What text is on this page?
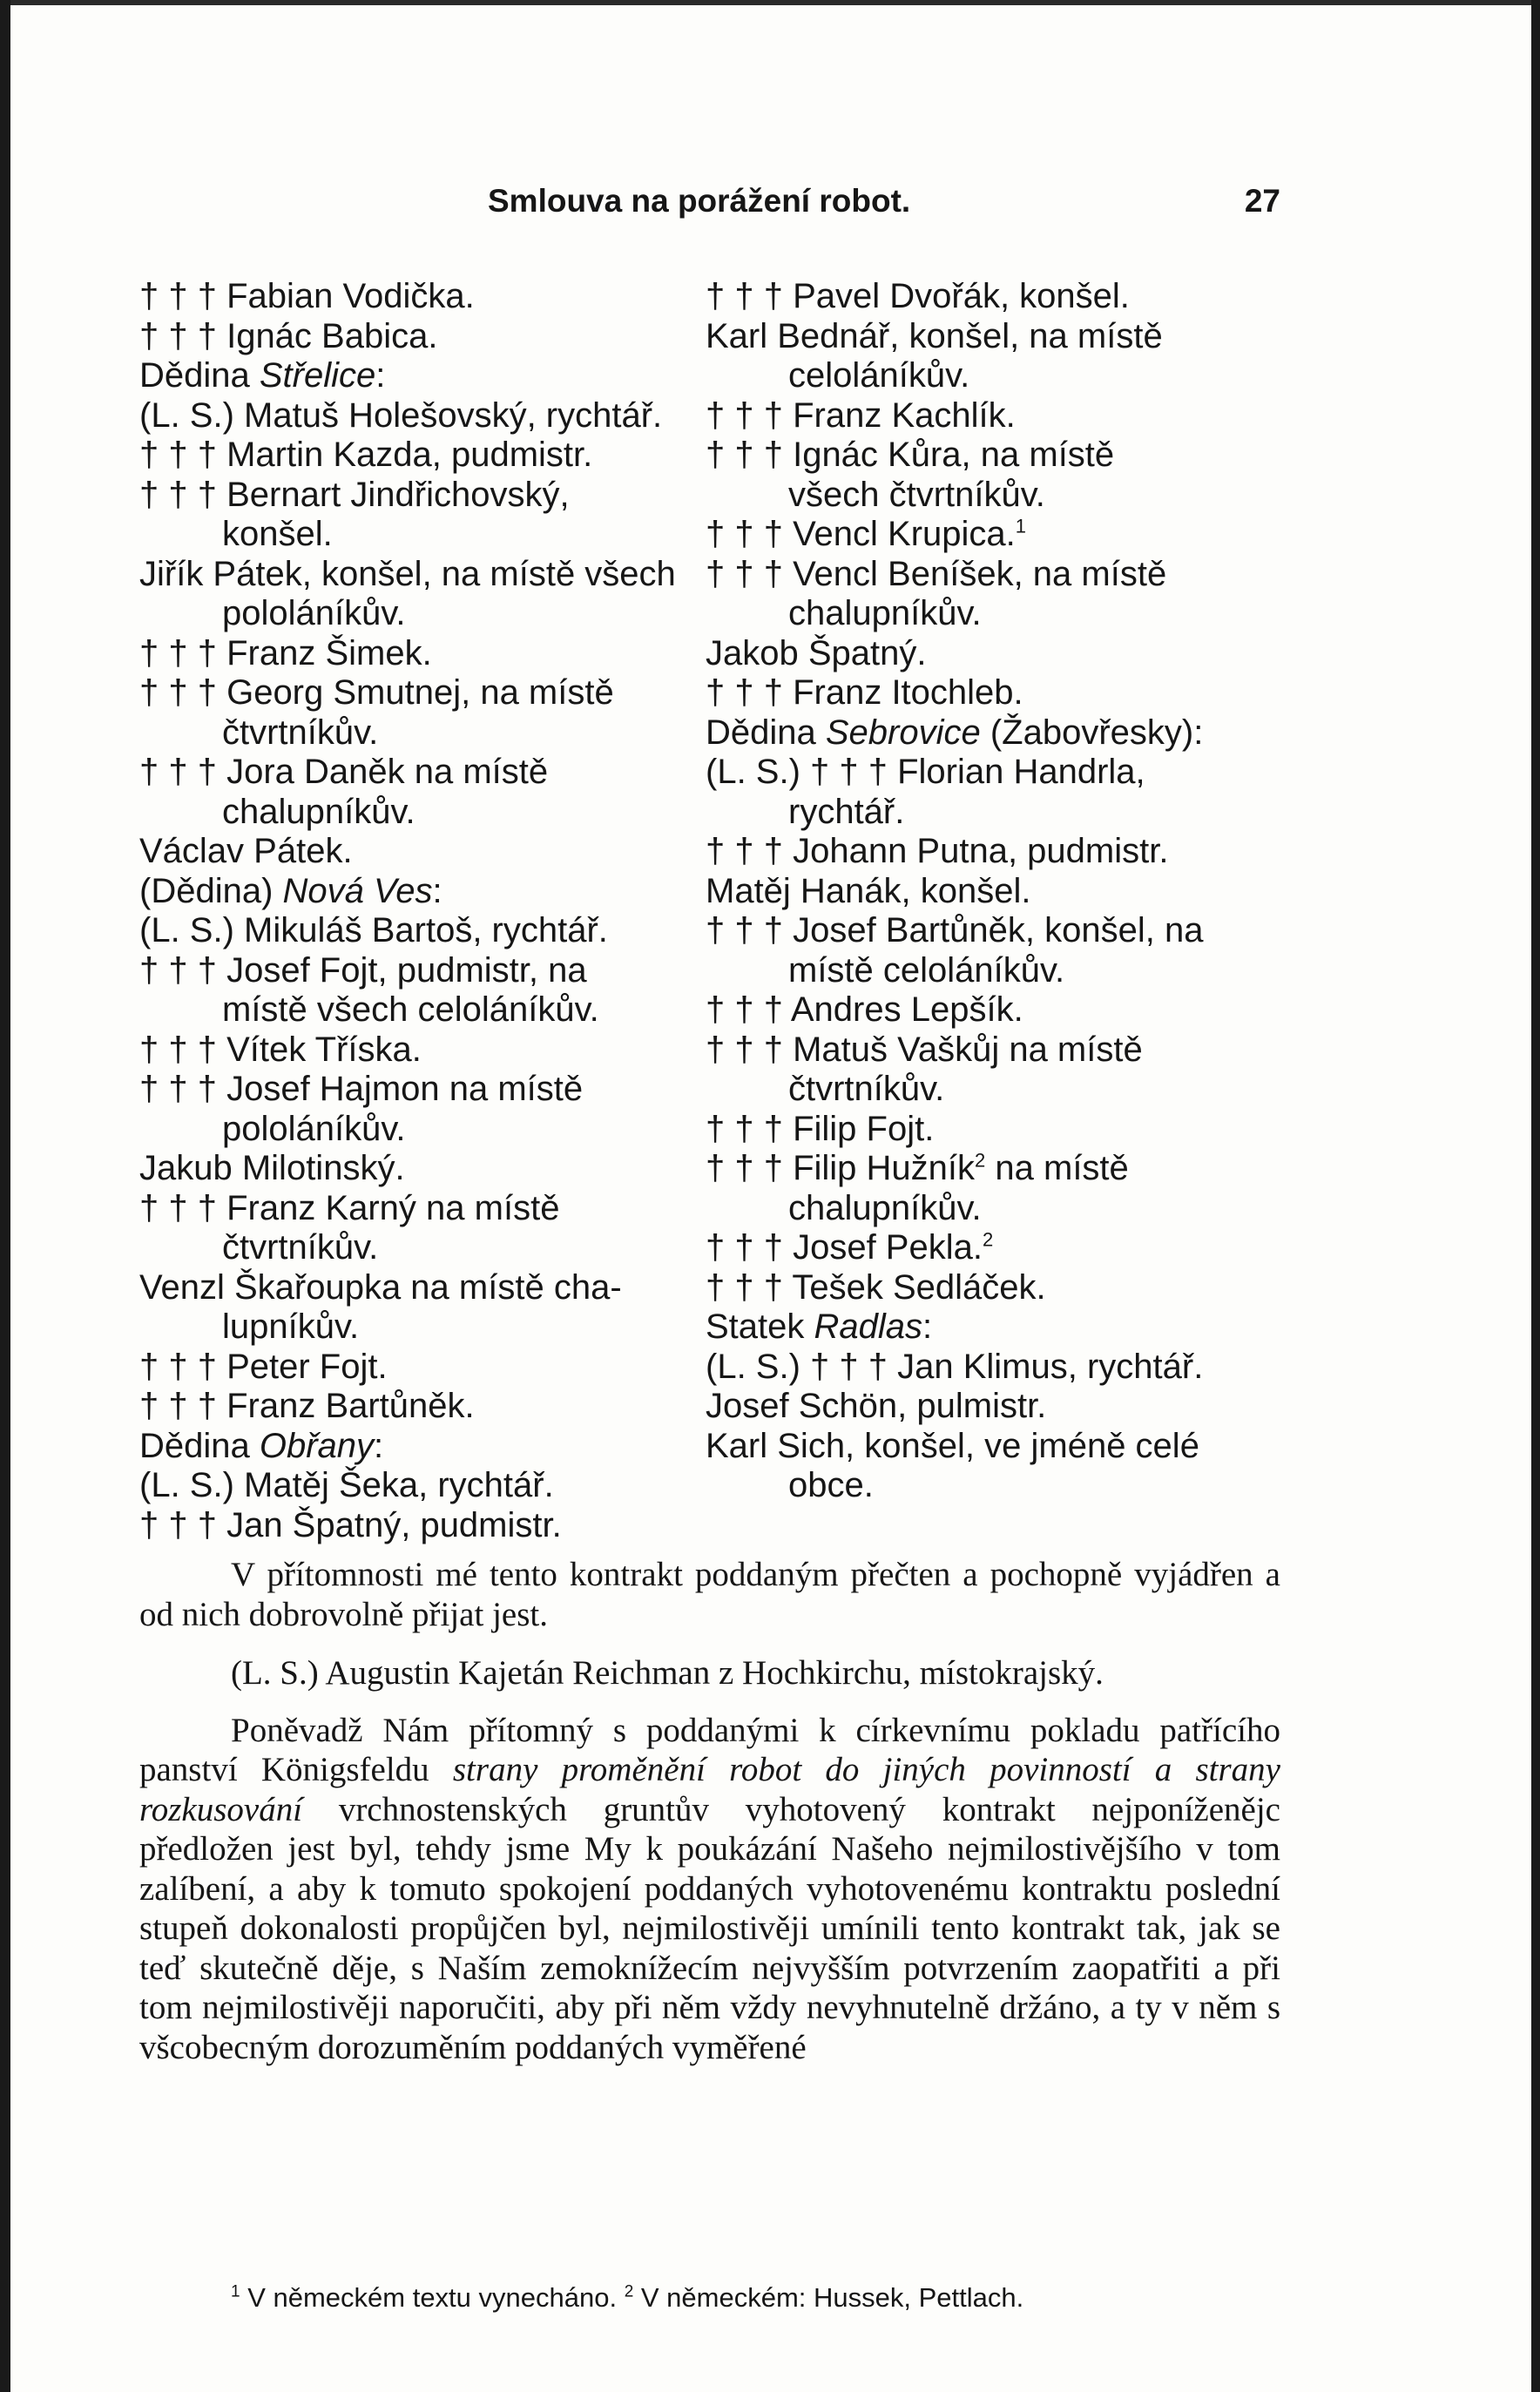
Smlouva na porážení robot.	27
† † † Fabian Vodička.
† † † Ignác Babica.
Dědina Střelice:
(L. S.) Matuš Holešovský, rychtář.
† † † Martin Kazda, pudmistr.
† † † Bernart Jindřichovský,
konšel.
Jiřík Pátek, konšel, na místě všech
pololáníkův.
† † † Franz Šimek.
† † † Georg Smutnej, na místě
čtvrtníkův.
† † † Jora Daněk na místě
chalupníkův.
Václav Pátek.
(Dědina) Nová Ves:
(L. S.) Mikuláš Bartoš, rychtář.
† † † Josef Fojt, pudmistr, na
místě všech celoláníkův.
† † † Vítek Tříska.
† † † Josef Hajmon na místě
pololáníkův.
Jakub Milotinský.
† † † Franz Karný na místě
čtvrtníkův.
Venzl Škařoupka na místě cha-
lupníkův.
† † † Peter Fojt.
† † † Franz Bartůněk.
Dědina Obřany:
(L. S.) Matěj Šeka, rychtář.
† † † Jan Špatný, pudmistr.
† † † Pavel Dvořák, konšel.
Karl Bednář, konšel, na místě
celoláníkův.
† † † Franz Kachlík.
† † † Ignác Kůra, na místě
všech čtvrtníkův.
† † † Vencl Krupica.$^1$
† † † Vencl Beníšek, na místě
chalupníkův.
Jakob Špatný.
† † † Franz Itochleb.
Dědina Sebrovice (Žabovřesky):
(L. S.) † † † Florian Handrla,
rychtář.
† † † Johann Putna, pudmistr.
Matěj Hanák, konšel.
† † † Josef Bartůněk, konšel, na
místě celoláníkův.
† † † Andres Lepšík.
† † † Matuš Vaškůj na místě
čtvrtníkův.
† † † Filip Fojt.
† † † Filip Hužník$^2$ na místě
chalupníkův.
† † † Josef Pekla.$^2$
† † † Tešek Sedláček.
Statek Radlas:
(L. S.) † † † Jan Klimus, rychtář.
Josef Schön, pulmistr.
Karl Sich, konšel, ve jméně celé
obce.

V přítomnosti mé tento kontrakt poddaným přečten a pochopně vyjádřen a od nich dobrovolně přijat jest.

(L. S.) Augustin Kajetán Reichman z Hochkirchu, místokrajský.

Poněvadž Nám přítomný s poddanými k církevnímu pokladu patřícího panství Königsfeldu strany proměnění robot do jiných povinností a strany rozkusování vrchnostenských gruntův vyhotovený kontrakt nejponíženějc předložen jest byl, tehdy jsme My k poukázání Našeho nejmilostivějšího v tom zalíbení, a aby k tomuto spokojení poddaných vyhotovenému kontraktu poslední stupeň dokonalosti propůjčen byl, nejmilostivěji umínili tento kontrakt tak, jak se teď skutečně děje, s Naším zemoknížecím nejvyšším potvrzením zaopatřiti a při tom nejmilostivěji naporučiti, aby při něm vždy nevyhnutelně držáno, a ty v něm s všcobecným dorozuměním poddaných vyměřené

$^1$ V německém textu vynecháno. $^2$ V německém: Hussek, Pettlach.
